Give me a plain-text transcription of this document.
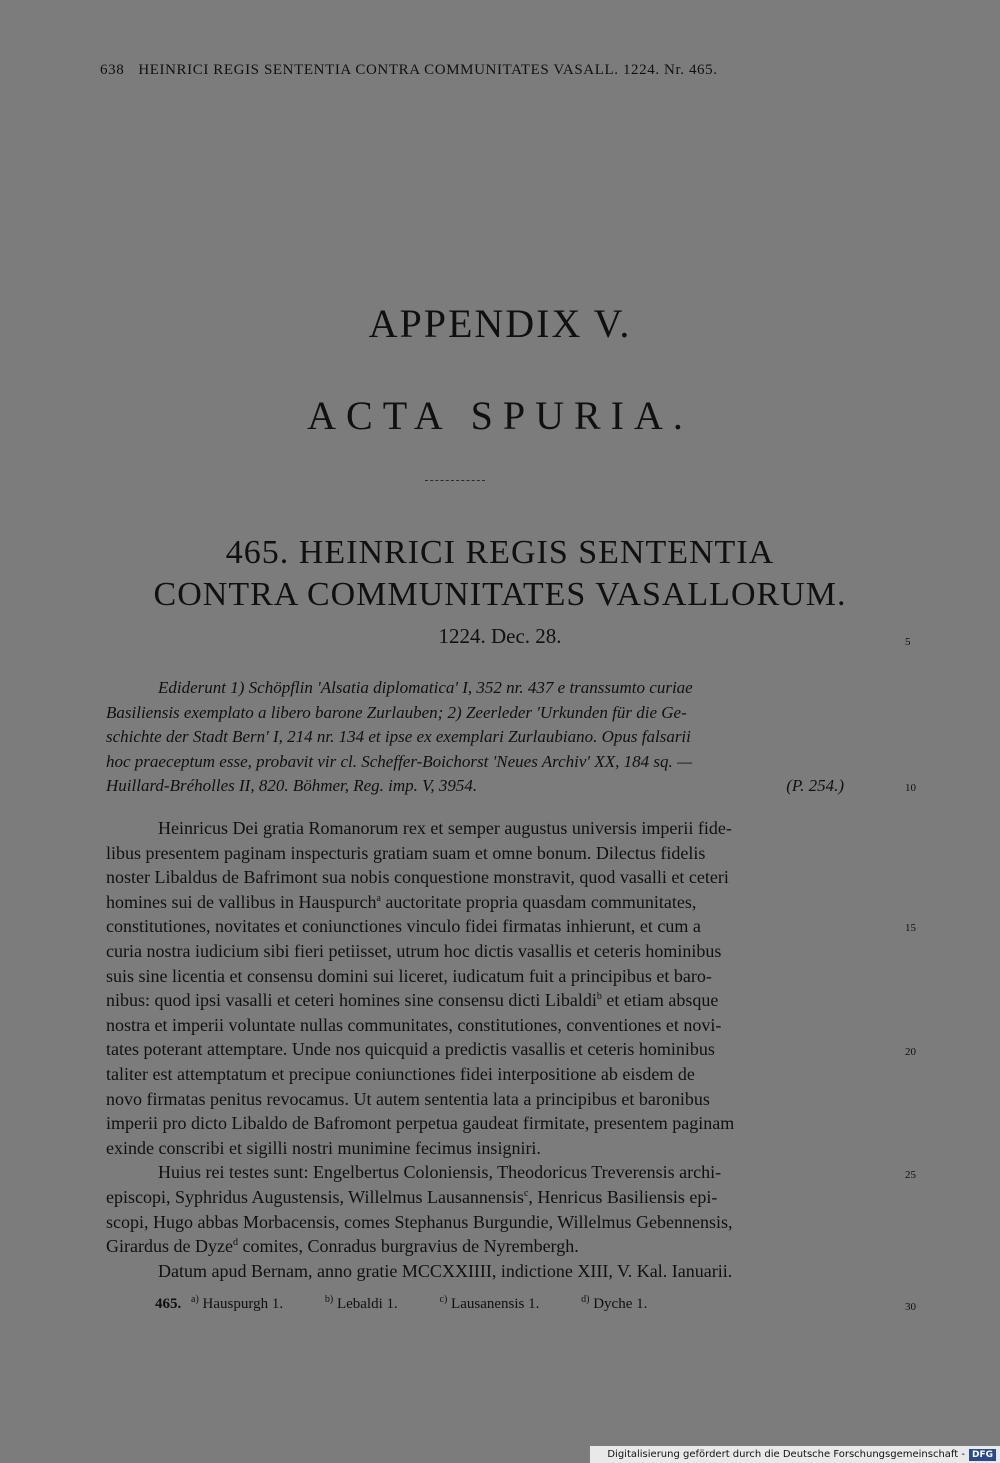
638 HEINRICI REGIS SENTENTIA CONTRA COMMUNITATES VASALL. 1224. Nr. 465.
APPENDIX V.
ACTA SPURIA.
465. HEINRICI REGIS SENTENTIA
CONTRA COMMUNITATES VASALLORUM.
1224. Dec. 28.
Ediderunt 1) Schöpflin 'Alsatia diplomatica' I, 352 nr. 437 e transsumto curiae
Basiliensis exemplato a libero barone Zurlauben; 2) Zeerleder 'Urkunden für die Ge-
schichte der Stadt Bern' I, 214 nr. 134 et ipse ex exemplari Zurlaubiano. Opus falsarii
hoc praeceptum esse, probavit vir cl. Scheffer-Boichorst 'Neues Archiv' XX, 184 sq. —
Huillard-Bréholles II, 820. Böhmer, Reg. imp. V, 3954.	(P. 254.)
Heinricus Dei gratia Romanorum rex et semper augustus universis imperii fide-
libus presentem paginam inspecturis gratiam suam et omne bonum. Dilectus fidelis
noster Libaldus de Bafrimont sua nobis conquestione monstravit, quod vasalli et ceteri
homines sui de vallibus in Hauspurch$^a$ auctoritate propria quasdam communitates,
constitutiones, novitates et coniunctiones vinculo fidei firmatas inhierunt, et cum a
curia nostra iudicium sibi fieri petiisset, utrum hoc dictis vasallis et ceteris hominibus
suis sine licentia et consensu domini sui liceret, iudicatum fuit a principibus et baro-
nibus: quod ipsi vasalli et ceteri homines sine consensu dicti Libaldi$^b$ et etiam absque
nostra et imperii voluntate nullas communitates, constitutiones, conventiones et novi-
tates poterant attemptare. Unde nos quicquid a predictis vasallis et ceteris hominibus
taliter est attemptatum et precipue coniunctiones fidei interpositione ab eisdem de
novo firmatas penitus revocamus. Ut autem sententia lata a principibus et baronibus
imperii pro dicto Libaldo de Bafromont perpetua gaudeat firmitate, presentem paginam
exinde conscribi et sigilli nostri munimine fecimus insigniri.
Huius rei testes sunt: Engelbertus Coloniensis, Theodoricus Treverensis archi-
episcopi, Syphridus Augustensis, Willelmus Lausannensis$^c$, Henricus Basiliensis epi-
scopi, Hugo abbas Morbacensis, comes Stephanus Burgundie, Willelmus Gebennensis,
Girardus de Dyze$^d$ comites, Conradus burgravius de Nyrembergh.
Datum apud Bernam, anno gratie MCCXXIIII, indictione XIII, V. Kal. Ianuarii.
465. $^{a)}$ Hauspurgh 1.	$^{b)}$ Lebaldi 1.	$^{c)}$ Lausanensis 1.	$^{d)}$ Dyche 1.
5
10
15
20
25
30
Digitalisierung gefördert durch die Deutsche Forschungsgemeinschaft - DFG
